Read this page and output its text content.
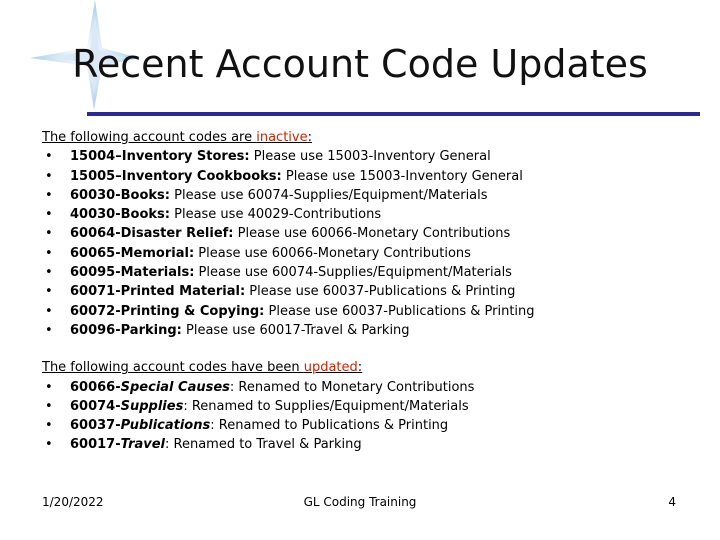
Recent Account Code Updates
The following account codes are inactive:
• 15004–Inventory Stores: Please use 15003-Inventory General
• 15005–Inventory Cookbooks: Please use 15003-Inventory General
• 60030-Books: Please use 60074-Supplies/Equipment/Materials
• 40030-Books: Please use 40029-Contributions
• 60064-Disaster Relief: Please use 60066-Monetary Contributions
• 60065-Memorial: Please use 60066-Monetary Contributions
• 60095-Materials: Please use 60074-Supplies/Equipment/Materials
• 60071-Printed Material: Please use 60037-Publications & Printing
• 60072-Printing & Copying: Please use 60037-Publications & Printing
• 60096-Parking: Please use 60017-Travel & Parking
The following account codes have been updated:
• 60066-Special Causes: Renamed to Monetary Contributions
• 60074-Supplies: Renamed to Supplies/Equipment/Materials
• 60037-Publications: Renamed to Publications & Printing
• 60017-Travel: Renamed to Travel & Parking
1/20/2022	GL Coding Training	4
